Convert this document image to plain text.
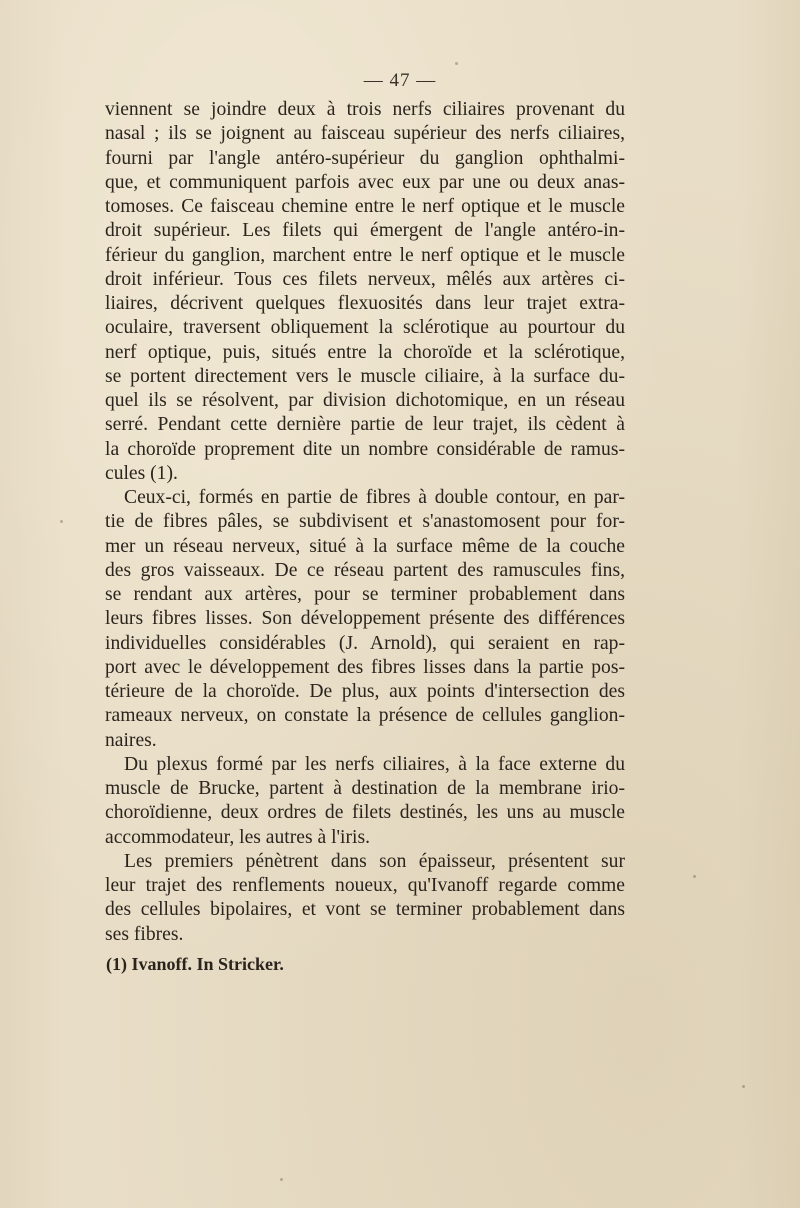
— 47 —
viennent se joindre deux à trois nerfs ciliaires provenant du
nasal ; ils se joignent au faisceau supérieur des nerfs ciliaires,
fourni par l'angle antéro-supérieur du ganglion ophthalmi-
que, et communiquent parfois avec eux par une ou deux anas-
tomoses. Ce faisceau chemine entre le nerf optique et le muscle
droit supérieur. Les filets qui émergent de l'angle antéro-in-
férieur du ganglion, marchent entre le nerf optique et le muscle
droit inférieur. Tous ces filets nerveux, mêlés aux artères ci-
liaires, décrivent quelques flexuosités dans leur trajet extra-
oculaire, traversent obliquement la sclérotique au pourtour du
nerf optique, puis, situés entre la choroïde et la sclérotique,
se portent directement vers le muscle ciliaire, à la surface du-
quel ils se résolvent, par division dichotomique, en un réseau
serré. Pendant cette dernière partie de leur trajet, ils cèdent à
la choroïde proprement dite un nombre considérable de ramus-
cules (1).
Ceux-ci, formés en partie de fibres à double contour, en par-
tie de fibres pâles, se subdivisent et s'anastomosent pour for-
mer un réseau nerveux, situé à la surface même de la couche
des gros vaisseaux. De ce réseau partent des ramuscules fins,
se rendant aux artères, pour se terminer probablement dans
leurs fibres lisses. Son développement présente des différences
individuelles considérables (J. Arnold), qui seraient en rap-
port avec le développement des fibres lisses dans la partie pos-
térieure de la choroïde. De plus, aux points d'intersection des
rameaux nerveux, on constate la présence de cellules ganglion-
naires.
Du plexus formé par les nerfs ciliaires, à la face externe du
muscle de Brucke, partent à destination de la membrane irio-
choroïdienne, deux ordres de filets destinés, les uns au muscle
accommodateur, les autres à l'iris.
Les premiers pénètrent dans son épaisseur, présentent sur
leur trajet des renflements noueux, qu'Ivanoff regarde comme
des cellules bipolaires, et vont se terminer probablement dans
ses fibres.
(1) Ivanoff. In Stricker.
